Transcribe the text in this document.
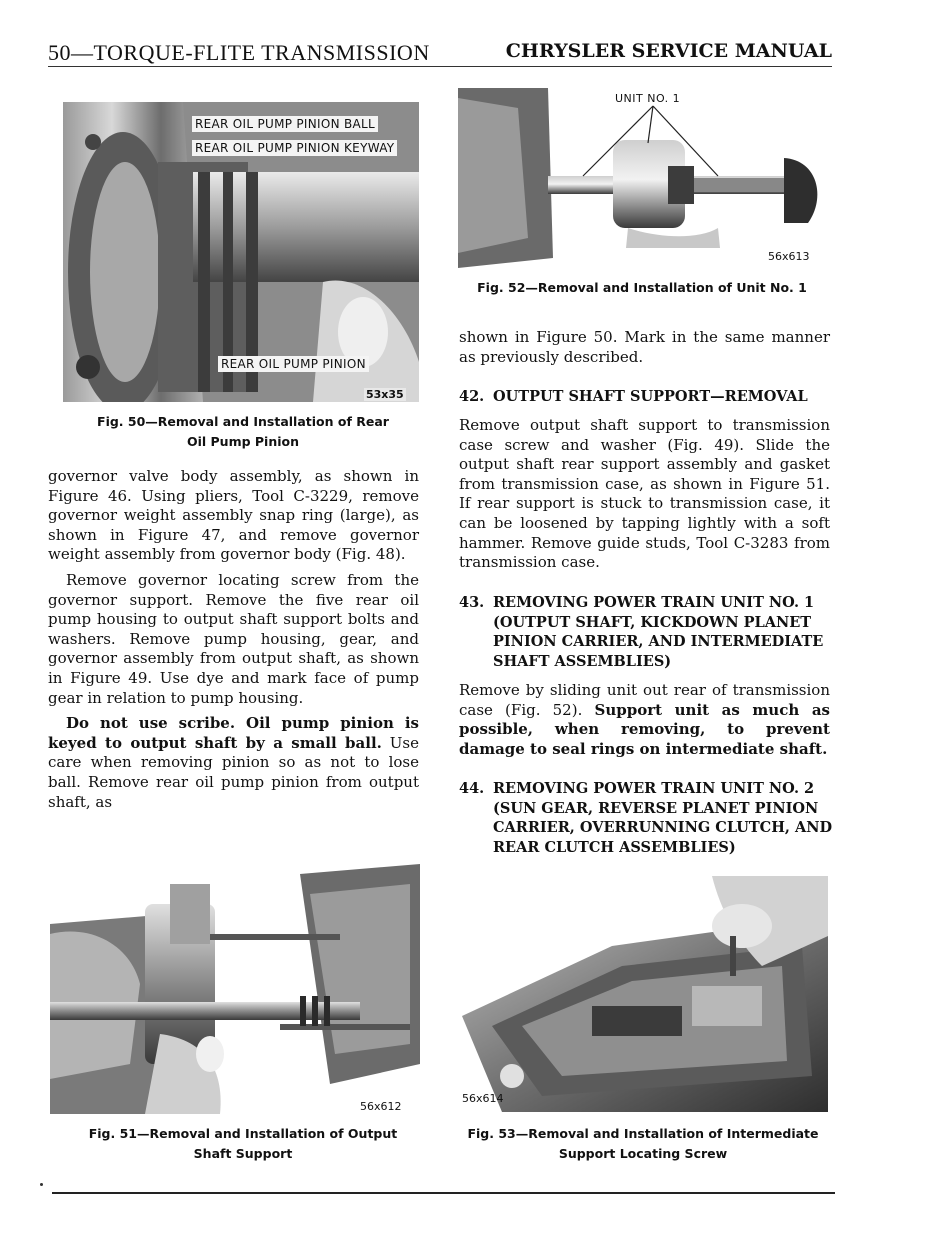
50—TORQUE-FLITE TRANSMISSION	CHRYSLER SERVICE MANUAL
REAR OIL PUMP PINION BALL
REAR OIL PUMP PINION KEYWAY
REAR OIL PUMP PINION
53x35
Fig. 50—Removal and Installation of Rear
Oil Pump Pinion

governor valve body assembly, as shown in Figure 46. Using pliers, Tool C-3229, remove governor weight assembly snap ring (large), as shown in Figure 47, and remove governor weight assembly from governor body (Fig. 48).

Remove governor locating screw from the governor support. Remove the five rear oil pump housing to output shaft support bolts and washers. Remove pump housing, gear, and governor assembly from output shaft, as shown in Figure 49. Use dye and mark face of pump gear in relation to pump housing.

Do not use scribe. Oil pump pinion is keyed to output shaft by a small ball. Use care when removing pinion so as not to lose ball. Remove rear oil pump pinion from output shaft, as

UNIT NO. 1
56x613
Fig. 52—Removal and Installation of Unit No. 1
shown in Figure 50. Mark in the same manner as previously described.
42. OUTPUT SHAFT SUPPORT—REMOVAL
Remove output shaft support to transmission case screw and washer (Fig. 49). Slide the output shaft rear support assembly and gasket from transmission case, as shown in Figure 51. If rear support is stuck to transmission case, it can be loosened by tapping lightly with a soft hammer. Remove guide studs, Tool C-3283 from transmission case.
43. REMOVING POWER TRAIN UNIT NO. 1
(OUTPUT SHAFT, KICKDOWN PLANET
PINION CARRIER, AND INTERMEDIATE
SHAFT ASSEMBLIES)
Remove by sliding unit out rear of transmission case (Fig. 52). Support unit as much as possible, when removing, to prevent damage to seal rings on intermediate shaft.
44. REMOVING POWER TRAIN UNIT NO. 2
(SUN GEAR, REVERSE PLANET PINION
CARRIER, OVERRUNNING CLUTCH, AND
REAR CLUTCH ASSEMBLIES)
56x612
Fig. 51—Removal and Installation of Output
Shaft Support
56x614
Fig. 53—Removal and Installation of Intermediate
Support Locating Screw
